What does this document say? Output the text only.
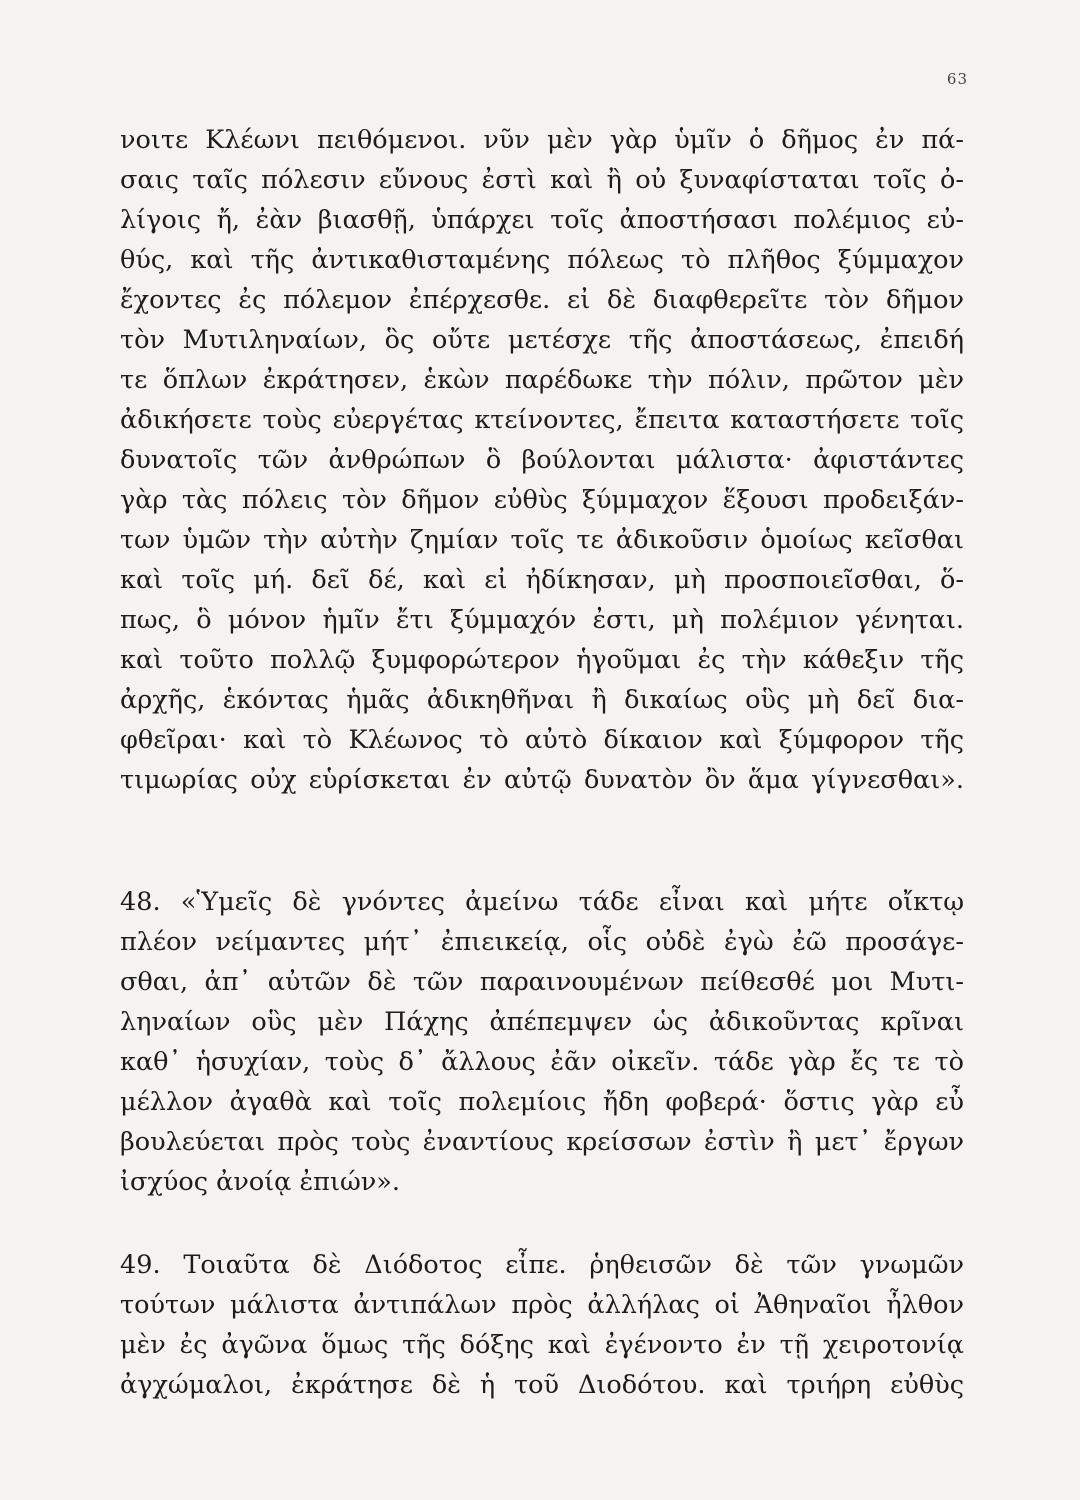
63
νοιτε Κλέωνι πειθόμενοι. νῦν μὲν γὰρ ὑμῖν ὁ δῆμος ἐν πά-
σαις ταῖς πόλεσιν εὔνους ἐστὶ καὶ ἢ οὐ ξυναφίσταται τοῖς ὀ-
λίγοις ἤ, ἐὰν βιασθῇ, ὑπάρχει τοῖς ἀποστήσασι πολέμιος εὐ-
θύς, καὶ τῆς ἀντικαθισταμένης πόλεως τὸ πλῆθος ξύμμαχον
ἔχοντες ἐς πόλεμον ἐπέρχεσθε. εἰ δὲ διαφθερεῖτε τὸν δῆμον
τὸν Μυτιληναίων, ὃς οὔτε μετέσχε τῆς ἀποστάσεως, ἐπειδή
τε ὅπλων ἐκράτησεν, ἑκὼν παρέδωκε τὴν πόλιν, πρῶτον μὲν
ἀδικήσετε τοὺς εὐεργέτας κτείνοντες, ἔπειτα καταστήσετε τοῖς
δυνατοῖς τῶν ἀνθρώπων ὃ βούλονται μάλιστα· ἀφιστάντες
γὰρ τὰς πόλεις τὸν δῆμον εὐθὺς ξύμμαχον ἕξουσι προδειξάν-
των ὑμῶν τὴν αὐτὴν ζημίαν τοῖς τε ἀδικοῦσιν ὁμοίως κεῖσθαι
καὶ τοῖς μή. δεῖ δέ, καὶ εἰ ἠδίκησαν, μὴ προσποιεῖσθαι, ὅ-
πως, ὃ μόνον ἡμῖν ἔτι ξύμμαχόν ἐστι, μὴ πολέμιον γένηται.
καὶ τοῦτο πολλῷ ξυμφορώτερον ἡγοῦμαι ἐς τὴν κάθεξιν τῆς
ἀρχῆς, ἑκόντας ἡμᾶς ἀδικηθῆναι ἢ δικαίως οὓς μὴ δεῖ δια-
φθεῖραι· καὶ τὸ Κλέωνος τὸ αὐτὸ δίκαιον καὶ ξύμφορον τῆς
τιμωρίας οὐχ εὑρίσκεται ἐν αὐτῷ δυνατὸν ὂν ἅμα γίγνεσθαι».
48. «Ὑμεῖς δὲ γνόντες ἀμείνω τάδε εἶναι καὶ μήτε οἴκτῳ
πλέον νείμαντες μήτ᾽ ἐπιεικείᾳ, οἷς οὐδὲ ἐγὼ ἐῶ προσάγε-
σθαι, ἀπ᾽ αὐτῶν δὲ τῶν παραινουμένων πείθεσθέ μοι Μυτι-
ληναίων οὓς μὲν Πάχης ἀπέπεμψεν ὡς ἀδικοῦντας κρῖναι
καθ᾽ ἡσυχίαν, τοὺς δ᾽ ἄλλους ἐᾶν οἰκεῖν. τάδε γὰρ ἔς τε τὸ
μέλλον ἀγαθὰ καὶ τοῖς πολεμίοις ἤδη φοβερά· ὅστις γὰρ εὖ
βουλεύεται πρὸς τοὺς ἐναντίους κρείσσων ἐστὶν ἢ μετ᾽ ἔργων
ἰσχύος ἀνοίᾳ ἐπιών».
49. Τοιαῦτα δὲ Διόδοτος εἶπε. ῥηθεισῶν δὲ τῶν γνωμῶν
τούτων μάλιστα ἀντιπάλων πρὸς ἀλλήλας οἱ Ἀθηναῖοι ἦλθον
μὲν ἐς ἀγῶνα ὅμως τῆς δόξης καὶ ἐγένοντο ἐν τῇ χειροτονίᾳ
ἀγχώμαλοι, ἐκράτησε δὲ ἡ τοῦ Διοδότου. καὶ τριήρη εὐθὺς
